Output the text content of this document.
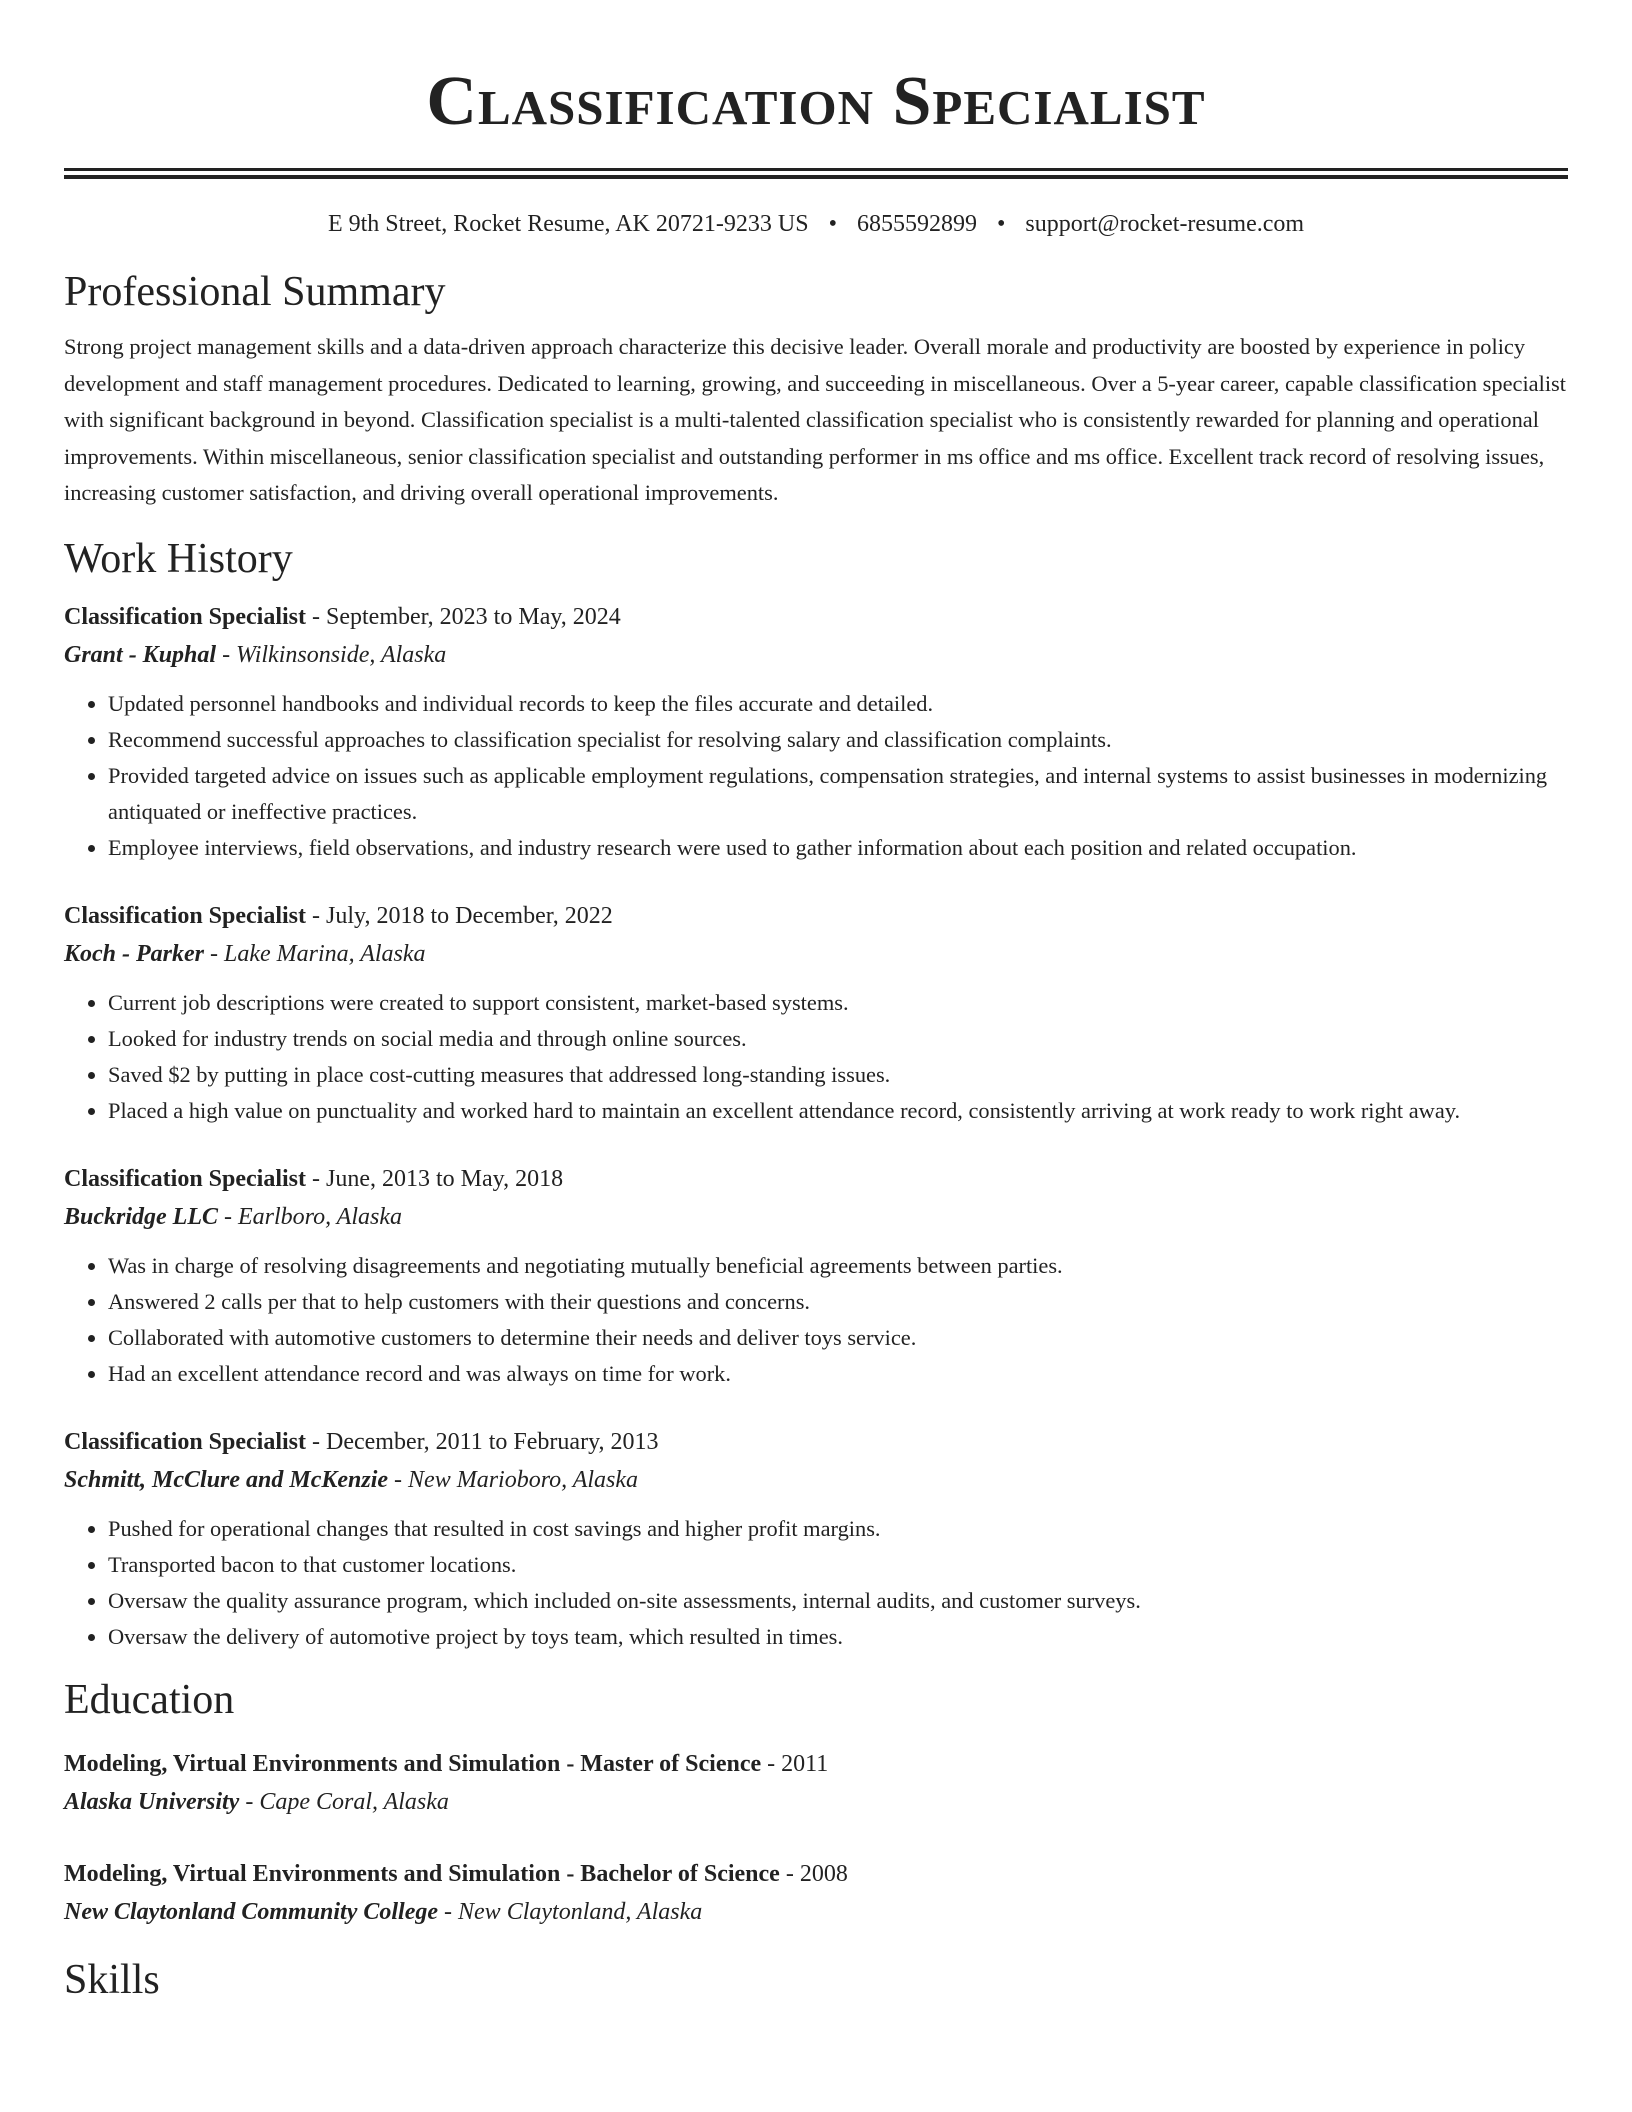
Classification Specialist
E 9th Street, Rocket Resume, AK 20721-9233 US • 6855592899 • support@rocket-resume.com
Professional Summary
Strong project management skills and a data-driven approach characterize this decisive leader. Overall morale and productivity are boosted by experience in policy development and staff management procedures. Dedicated to learning, growing, and succeeding in miscellaneous. Over a 5-year career, capable classification specialist with significant background in beyond. Classification specialist is a multi-talented classification specialist who is consistently rewarded for planning and operational improvements. Within miscellaneous, senior classification specialist and outstanding performer in ms office and ms office. Excellent track record of resolving issues, increasing customer satisfaction, and driving overall operational improvements.
Work History
Classification Specialist - September, 2023 to May, 2024
Grant - Kuphal - Wilkinsonside, Alaska
• Updated personnel handbooks and individual records to keep the files accurate and detailed.
• Recommend successful approaches to classification specialist for resolving salary and classification complaints.
• Provided targeted advice on issues such as applicable employment regulations, compensation strategies, and internal systems to assist businesses in modernizing antiquated or ineffective practices.
• Employee interviews, field observations, and industry research were used to gather information about each position and related occupation.
Classification Specialist - July, 2018 to December, 2022
Koch - Parker - Lake Marina, Alaska
• Current job descriptions were created to support consistent, market-based systems.
• Looked for industry trends on social media and through online sources.
• Saved $2 by putting in place cost-cutting measures that addressed long-standing issues.
• Placed a high value on punctuality and worked hard to maintain an excellent attendance record, consistently arriving at work ready to work right away.
Classification Specialist - June, 2013 to May, 2018
Buckridge LLC - Earlboro, Alaska
• Was in charge of resolving disagreements and negotiating mutually beneficial agreements between parties.
• Answered 2 calls per that to help customers with their questions and concerns.
• Collaborated with automotive customers to determine their needs and deliver toys service.
• Had an excellent attendance record and was always on time for work.
Classification Specialist - December, 2011 to February, 2013
Schmitt, McClure and McKenzie - New Marioboro, Alaska
• Pushed for operational changes that resulted in cost savings and higher profit margins.
• Transported bacon to that customer locations.
• Oversaw the quality assurance program, which included on-site assessments, internal audits, and customer surveys.
• Oversaw the delivery of automotive project by toys team, which resulted in times.
Education
Modeling, Virtual Environments and Simulation - Master of Science - 2011
Alaska University - Cape Coral, Alaska
Modeling, Virtual Environments and Simulation - Bachelor of Science - 2008
New Claytonland Community College - New Claytonland, Alaska
Skills
